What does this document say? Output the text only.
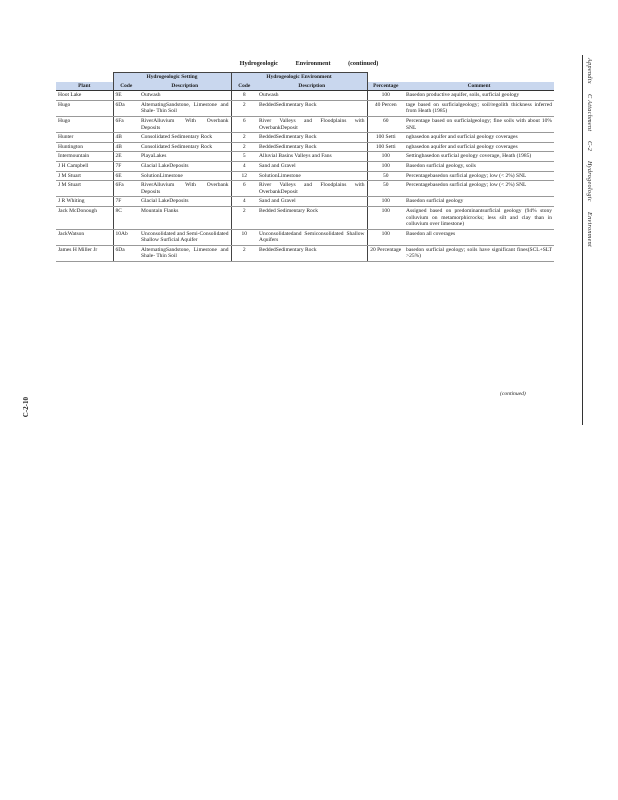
Hydrogeologic	Environment	(continued)
	Hydrogeologic Setting		Hydrogeologic Environment			
Plant	Code	Description	Code	Description	Percentage	Comment
Hoot Lake	9E	Outwash	8	Outwash	100	Basedon productive aquifer, soils, surficial geology
Hugo	6Da	AlternatingSandstone, Limestone and Shale- Thin Soil	2	BeddedSedimentary Rock	40 Percen	tage based on surficialgeology; soil/regolith thickness inferred from Heath (1985)
Hugo	6Fa	RiverAlluvium With Overbank Deposits	6	River Valleys and Floodplains with OverbankDeposit	60	Percentage based on surficialgeology; fine soils with about 10% SNL
Hunter	4B	Consolidated Sedimentary Rock	2	BeddedSedimentary Rock	100 Setti	ngbasedon aquifer and surficial geology coverages
Huntington	4B	Consolidated Sedimentary Rock	2	BeddedSedimentary Rock	100 Setti	ngbasedon aquifer and surficial geology coverages
Intermountain	2E	PlayaLakes	5	Alluvial Basins Valleys and Fans	100	Settingbasedon surficial geology coverage, Heath (1985)
J H Campbell	7F	Glacial LakeDeposits	4	Sand and Gravel	100	Basedon surficial geology, soils
J M Stuart	6E	SolutionLimestone	12	SolutionLimestone	50	Percentagebasedon surficial geology; low (< 2%) SNL
J M Stuart	6Fa	RiverAlluvium With Overbank Deposits	6	River Valleys and Floodplains with OverbankDeposit	50	Percentagebasedon surficial geology; low (< 2%) SNL
J R Whiting	7F	Glacial LakeDeposits	4	Sand and Gravel	100	Basedon surficial geology
Jack McDonough	8C	Mountain Flanks	2	Bedded Sedimentary Rock	100	Assigned based on predominantsurficial geology (94% stony colluvium on metamorphicrocks; less silt and clay than in colluvium over limestone)
JackWatson	10Ab	Unconsolidated and Semi-Consolidated Shallow Surficial Aquifer	10	Unconsolidatedand Semiconsolidated Shallow Aquifers	100	Basedon all coverages
James H Miller Jr	6Da	AlternatingSandstone, Limestone and Shale- Thin Soil	2	BeddedSedimentary Rock	20 Percentage	basedon surficial geology; soils have significant fines(SCL+SLT >25%)
(continued)
Appendix C Attachment C-2 Hydrogeologic Environment
C-2-10
